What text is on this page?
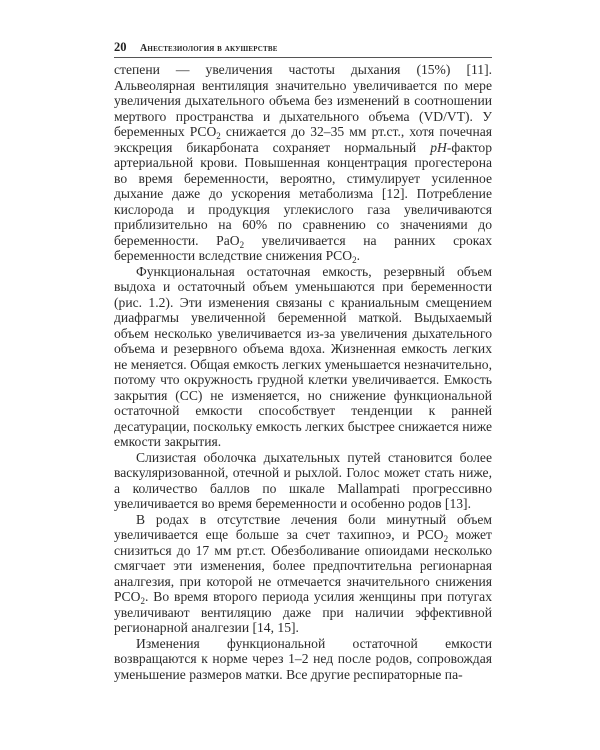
20	Анестезиология в акушерстве

степени — увеличения частоты дыхания (15%) [11]. Альвеолярная вентиляция значительно увеличивается по мере увеличения дыхательного объема без изменений в соотношении мертвого пространства и дыхательного объема (VD/VT). У беременных $PCO_2$ снижается до 32–35 мм рт.ст., хотя почечная экскреция бикарбоната сохраняет нормальный pH-фактор артериальной крови. Повышенная концентрация прогестерона во время беременности, вероятно, стимулирует усиленное дыхание даже до ускорения метаболизма [12]. Потребление кислорода и продукция углекислого газа увеличиваются приблизительно на 60% по сравнению со значениями до беременности. PaO$_2$ увеличивается на ранних сроках беременности вследствие снижения $PCO_2$.

Функциональная остаточная емкость, резервный объем выдоха и остаточный объем уменьшаются при беременности (рис. 1.2). Эти изменения связаны с краниальным смещением диафрагмы увеличенной беременной маткой. Выдыхаемый объем несколько увеличивается из-за увеличения дыхательного объема и резервного объема вдоха. Жизненная емкость легких не меняется. Общая емкость легких уменьшается незначительно, потому что окружность грудной клетки увеличивается. Емкость закрытия (CC) не изменяется, но снижение функциональной остаточной емкости способствует тенденции к ранней десатурации, поскольку емкость легких быстрее снижается ниже емкости закрытия.

Слизистая оболочка дыхательных путей становится более васкуляризованной, отечной и рыхлой. Голос может стать ниже, а количество баллов по шкале Mallampati прогрессивно увеличивается во время беременности и особенно родов [13].

В родах в отсутствие лечения боли минутный объем увеличивается еще больше за счет тахипноэ, и $PCO_2$ может снизиться до 17 мм рт.ст. Обезболивание опиоидами несколько смягчает эти изменения, более предпочтительна регионарная аналгезия, при которой не отмечается значительного снижения $PCO_2$. Во время второго периода усилия женщины при потугах увеличивают вентиляцию даже при наличии эффективной регионарной аналгезии [14, 15].

Изменения функциональной остаточной емкости возвращаются к норме через 1–2 нед после родов, сопровождая уменьшение размеров матки. Все другие респираторные па-
